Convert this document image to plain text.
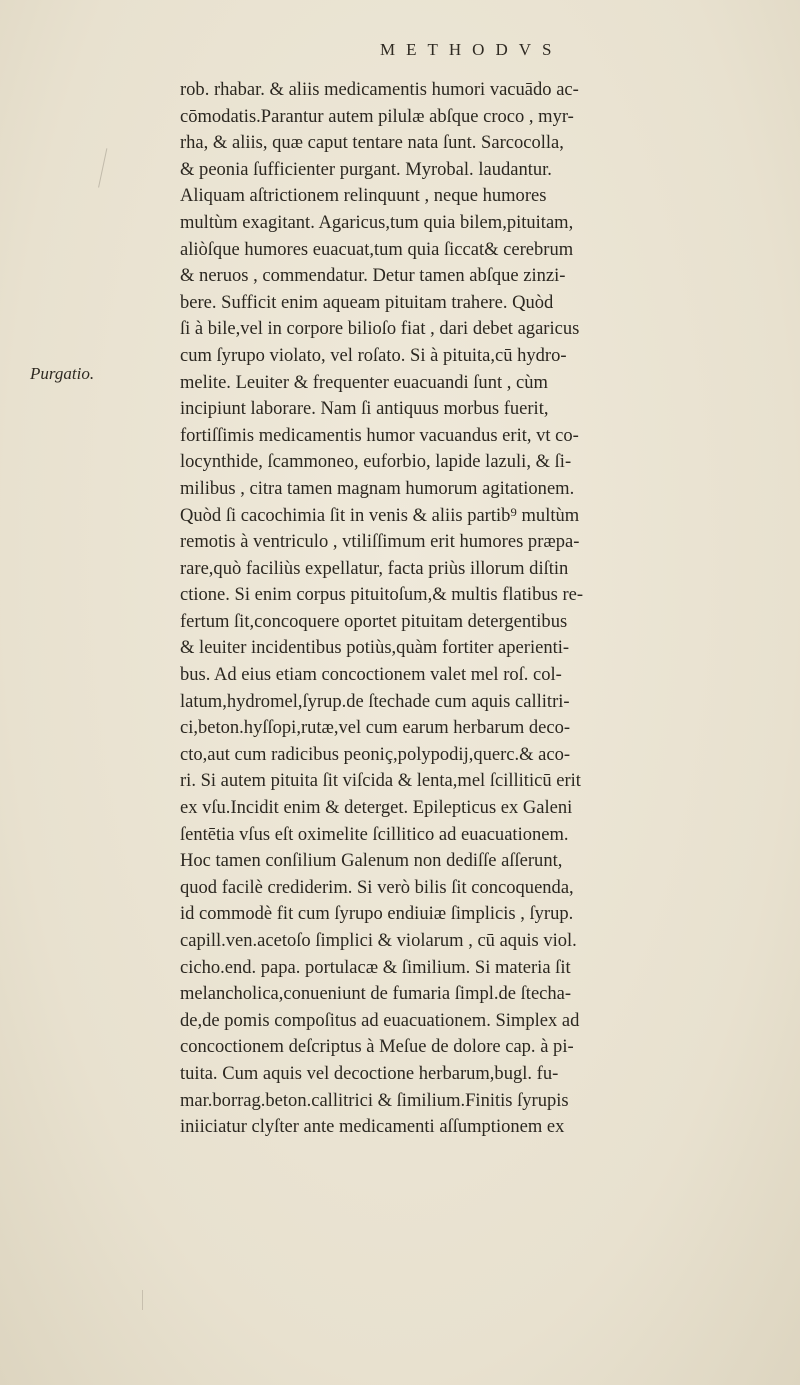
METHODVS
Purgatio.
rob. rhabar. & aliis medicamentis humori vacuādo ac-
cōmodatis.Parantur autem pilulæ abſque croco , myr-
rha, & aliis, quæ caput tentare nata ſunt. Sarcocolla,
& peonia ſufficienter purgant. Myrobal. laudantur.
Aliquam aſtrictionem relinquunt , neque humores
multùm exagitant. Agaricus,tum quia bilem,pituitam,
aliòſque humores euacuat,tum quia ſiccat& cerebrum
& neruos , commendatur. Detur tamen abſque zinzi-
bere. Sufficit enim aqueam pituitam trahere. Quòd
ſi à bile,vel in corpore bilioſo fiat , dari debet agaricus
cum ſyrupo violato, vel roſato. Si à pituita,cū hydro-
melite. Leuiter & frequenter euacuandi ſunt , cùm
incipiunt laborare. Nam ſi antiquus morbus fuerit,
fortiſſimis medicamentis humor vacuandus erit, vt co-
locynthide, ſcammoneo, euforbio, lapide lazuli, & ſi-
milibus , citra tamen magnam humorum agitationem.
Quòd ſi cacochimia ſit in venis & aliis partib⁹ multùm
remotis à ventriculo , vtiliſſimum erit humores præpa-
rare,quò faciliùs expellatur, facta priùs illorum diſtin
ctione. Si enim corpus pituitoſum,& multis flatibus re-
fertum ſit,concoquere oportet pituitam detergentibus
& leuiter incidentibus potiùs,quàm fortiter aperienti-
bus. Ad eius etiam concoctionem valet mel roſ. col-
latum,hydromel,ſyrup.de ſtechade cum aquis callitri-
ci,beton.hyſſopi,rutæ,vel cum earum herbarum deco-
cto,aut cum radicibus peoniç,polypodij,querc.& aco-
ri. Si autem pituita ſit viſcida & lenta,mel ſcilliticū erit
ex vſu.Incidit enim & deterget. Epilepticus ex Galeni
ſentētia vſus eſt oximelite ſcillitico ad euacuationem.
Hoc tamen conſilium Galenum non dediſſe aſſerunt,
quod facilè crediderim. Si verò bilis ſit concoquenda,
id commodè fit cum ſyrupo endiuiæ ſimplicis , ſyrup.
capill.ven.acetoſo ſimplici & violarum , cū aquis viol.
cicho.end. papa. portulacæ & ſimilium. Si materia ſit
melancholica,conueniunt de fumaria ſimpl.de ſtecha-
de,de pomis compoſitus ad euacuationem. Simplex ad
concoctionem deſcriptus à Meſue de dolore cap. à pi-
tuita. Cum aquis vel decoctione herbarum,bugl. fu-
mar.borrag.beton.callitrici & ſimilium.Finitis ſyrupis
iniiciatur clyſter ante medicamenti aſſumptionem ex
